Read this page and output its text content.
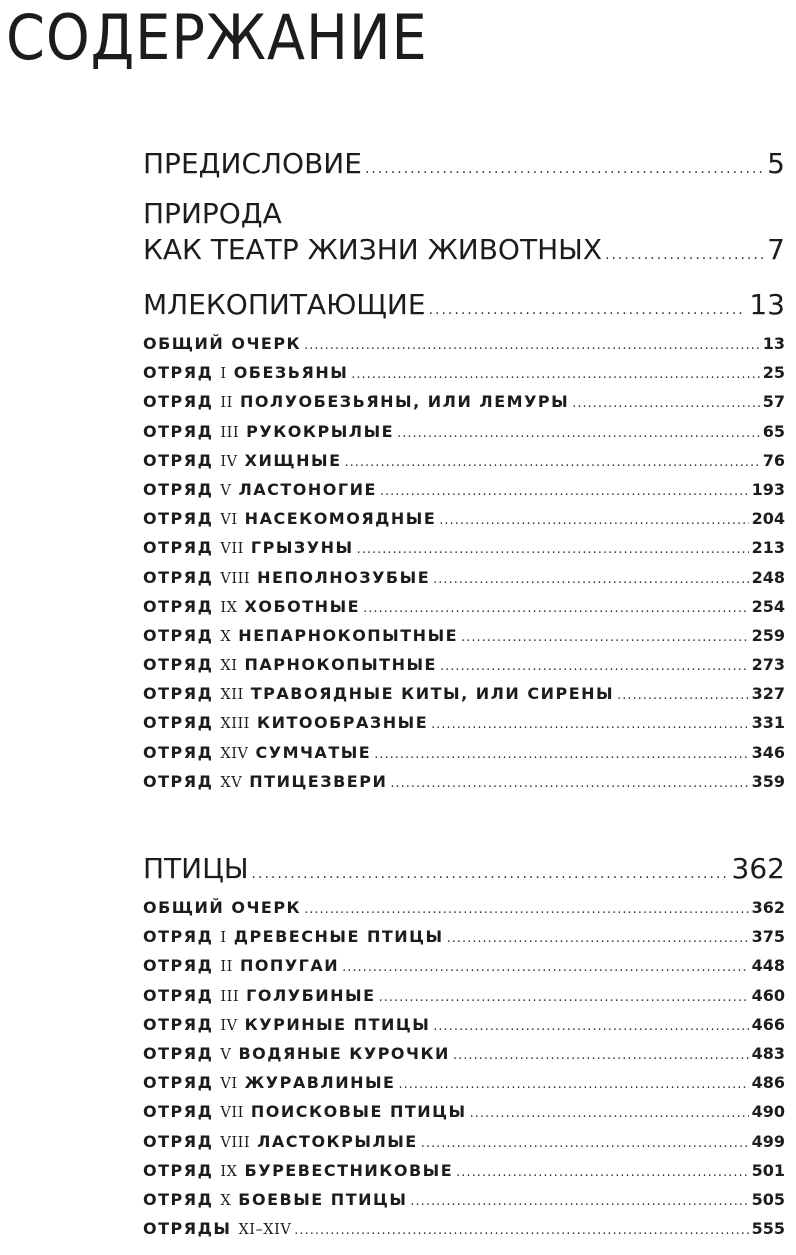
СОДЕРЖАНИЕ
ПРЕДИСЛОВИЕ .....	5
ПРИРОДА
КАК ТЕАТР ЖИЗНИ ЖИВОТНЫХ .....	7
МЛЕКОПИТАЮЩИЕ .....	13
ОБЩИЙ ОЧЕРК .....	13
ОТРЯД I ОБЕЗЬЯНЫ .....	25
ОТРЯД II ПОЛУОБЕЗЬЯНЫ, ИЛИ ЛЕМУРЫ .....	57
ОТРЯД III РУКОКРЫЛЫЕ .....	65
ОТРЯД IV ХИЩНЫЕ .....	76
ОТРЯД V ЛАСТОНОГИЕ .....	193
ОТРЯД VI НАСЕКОМОЯДНЫЕ .....	204
ОТРЯД VII ГРЫЗУНЫ .....	213
ОТРЯД VIII НЕПОЛНОЗУБЫЕ .....	248
ОТРЯД IX ХОБОТНЫЕ .....	254
ОТРЯД X НЕПАРНОКОПЫТНЫЕ .....	259
ОТРЯД XI ПАРНОКОПЫТНЫЕ .....	273
ОТРЯД XII ТРАВОЯДНЫЕ КИТЫ, ИЛИ СИРЕНЫ .....	327
ОТРЯД XIII КИТООБРАЗНЫЕ .....	331
ОТРЯД XIV СУМЧАТЫЕ .....	346
ОТРЯД XV ПТИЦЕЗВЕРИ .....	359
ПТИЦЫ .....	362
ОБЩИЙ ОЧЕРК .....	362
ОТРЯД I ДРЕВЕСНЫЕ ПТИЦЫ .....	375
ОТРЯД II ПОПУГАИ .....	448
ОТРЯД III ГОЛУБИНЫЕ .....	460
ОТРЯД IV КУРИНЫЕ ПТИЦЫ .....	466
ОТРЯД V ВОДЯНЫЕ КУРОЧКИ .....	483
ОТРЯД VI ЖУРАВЛИНЫЕ .....	486
ОТРЯД VII ПОИСКОВЫЕ ПТИЦЫ .....	490
ОТРЯД VIII ЛАСТОКРЫЛЫЕ .....	499
ОТРЯД IX БУРЕВЕСТНИКОВЫЕ .....	501
ОТРЯД X БОЕВЫЕ ПТИЦЫ .....	505
ОТРЯДЫ XI–XIV .....	555
